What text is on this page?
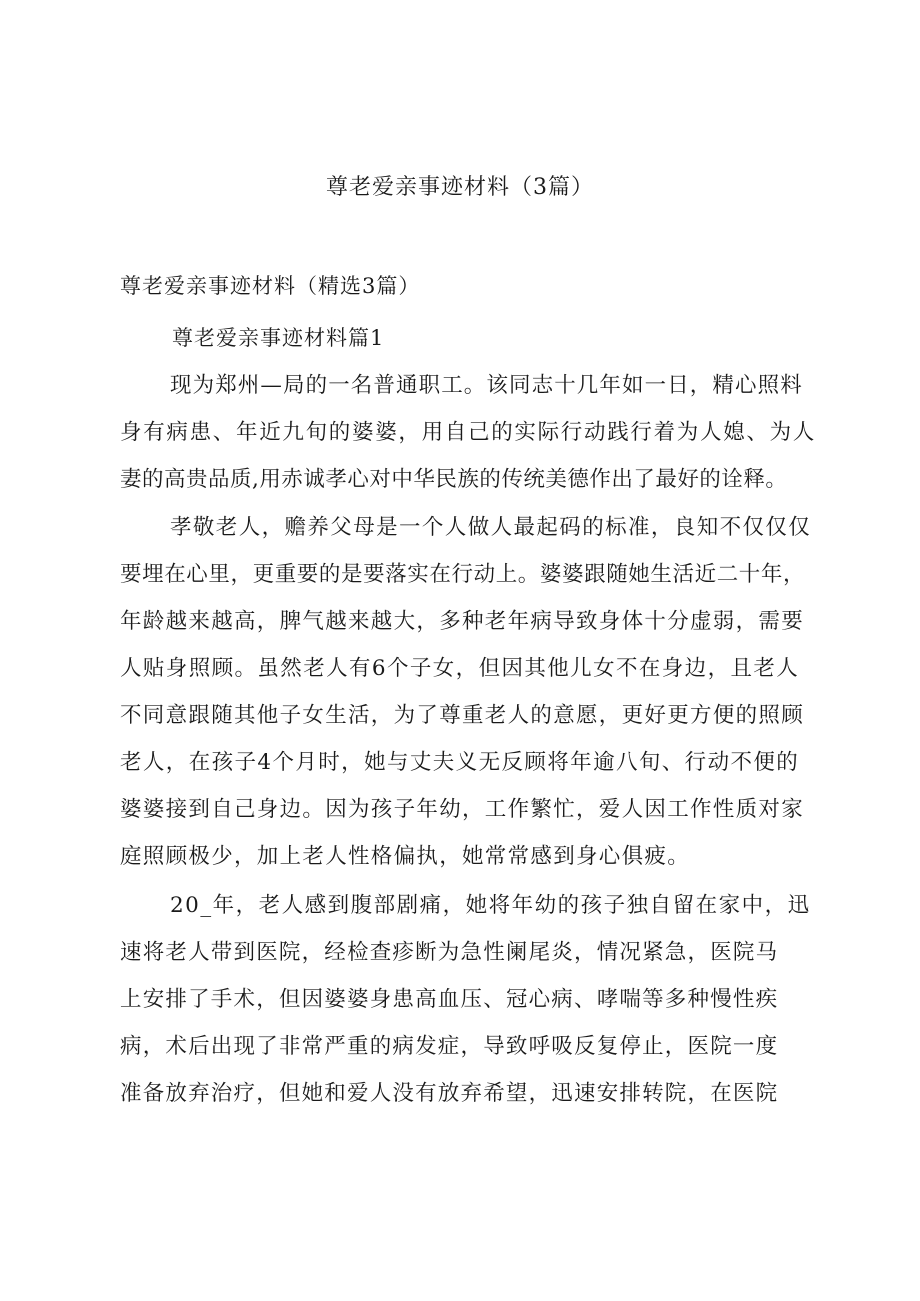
尊老爱亲事迹材料（3篇）

尊老爱亲事迹材料（精选3篇）

尊老爱亲事迹材料篇1

现为郑州—局的一名普通职工。该同志十几年如一日，精心照料

身有病患、年近九旬的婆婆，用自己的实际行动践行着为人媳、为人

妻的高贵品质,用赤诚孝心对中华民族的传统美德作出了最好的诠释。

孝敬老人，赡养父母是一个人做人最起码的标准，良知不仅仅仅

要埋在心里，更重要的是要落实在行动上。婆婆跟随她生活近二十年，

年龄越来越高，脾气越来越大，多种老年病导致身体十分虚弱，需要

人贴身照顾。虽然老人有6个子女，但因其他儿女不在身边，且老人

不同意跟随其他子女生活，为了尊重老人的意愿，更好更方便的照顾

老人，在孩子4个月时，她与丈夫义无反顾将年逾八旬、行动不便的

婆婆接到自己身边。因为孩子年幼，工作繁忙，爱人因工作性质对家

庭照顾极少，加上老人性格偏执，她常常感到身心俱疲。

20_年，老人感到腹部剧痛，她将年幼的孩子独自留在家中，迅

速将老人带到医院，经检查疹断为急性阑尾炎，情况紧急，医院马

上安排了手术，但因婆婆身患高血压、冠心病、哮喘等多种慢性疾

病，术后出现了非常严重的病发症，导致呼吸反复停止，医院一度

准备放弃治疗，但她和爱人没有放弃希望，迅速安排转院，在医院
